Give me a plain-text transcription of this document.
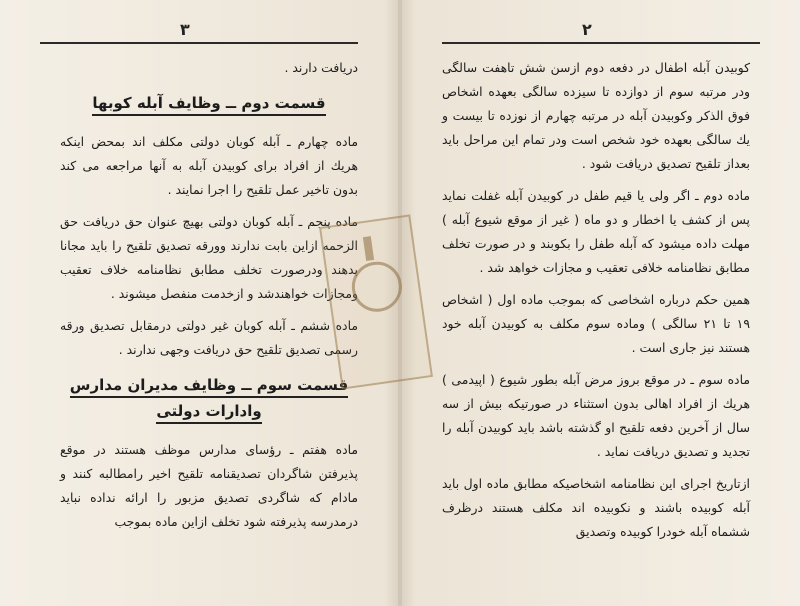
۳

دریافت دارند .

قسمت دوم ــ وظایف آبله کوبها

ماده چهارم ـ آبله کوبان دولتی مکلف اند بمحض اینکه هریك از افراد برای کوبیدن آبله به آنها مراجعه می کند بدون تاخیر عمل تلقیح را اجرا نمایند .

ماده پنجم ـ آبله کوبان دولتی بهیچ عنوان حق دریافت حق الزحمه ازاین بابت ندارند وورقه تصدیق تلقیح را باید مجانا بدهند ودرصورت تخلف مطابق نظامنامه خلاف تعقیب ومجازات خواهندشد و ازخدمت منفصل میشوند .

ماده ششم ـ آبله کوبان غیر دولتی درمقابل تصدیق ورقه رسمی تصدیق تلقیح حق دریافت وجهی ندارند .

قسمت سوم ــ وظایف مدیران مدارس وادارات دولتی

ماده هفتم ـ رؤسای مدارس موظف هستند در موقع پذیرفتن شاگردان تصدیقنامه تلقیح اخیر رامطالبه کنند و مادام که شاگردی تصدیق مزبور را ارائه نداده نباید درمدرسه پذیرفته شود تخلف ازاین ماده بموجب

۲

کوبیدن آبله اطفال در دفعه دوم ازسن شش تاهفت سالگی ودر مرتبه سوم از دوازده تا سیزده سالگی بعهده اشخاص فوق الذکر وکوبیدن آبله در مرتبه چهارم از نوزده تا بیست و یك سالگی بعهده خود شخص است ودر تمام این مراحل باید بعداز تلقیح تصدیق دریافت شود .

ماده دوم ـ اگر ولی یا قیم طفل در کوبیدن آبله غفلت نماید پس از کشف یا اخطار و دو ماه ( غیر از موقع شیوع آبله ) مهلت داده میشود که آبله طفل را بکوبند و در صورت تخلف مطابق نظامنامه خلافی تعقیب و مجازات خواهد شد .

همین حکم درباره اشخاصی که بموجب ماده اول ( اشخاص ۱۹ تا ۲۱ سالگی ) وماده سوم مکلف به کوبیدن آبله خود هستند نیز جاری است .

ماده سوم ـ در موقع بروز مرض آبله بطور شیوع ( اپیدمی ) هریك از افراد اهالی بدون استثناء در صورتیکه بیش از سه سال از آخرین دفعه تلقیح او گذشته باشد باید کوبیدن آبله را تجدید و تصدیق دریافت نماید .

ازتاریخ اجرای این نظامنامه اشخاصیکه مطابق ماده اول باید آبله کوبیده باشند و نکوبیده اند مکلف هستند درظرف ششماه آبله خودرا کوبیده وتصدیق
